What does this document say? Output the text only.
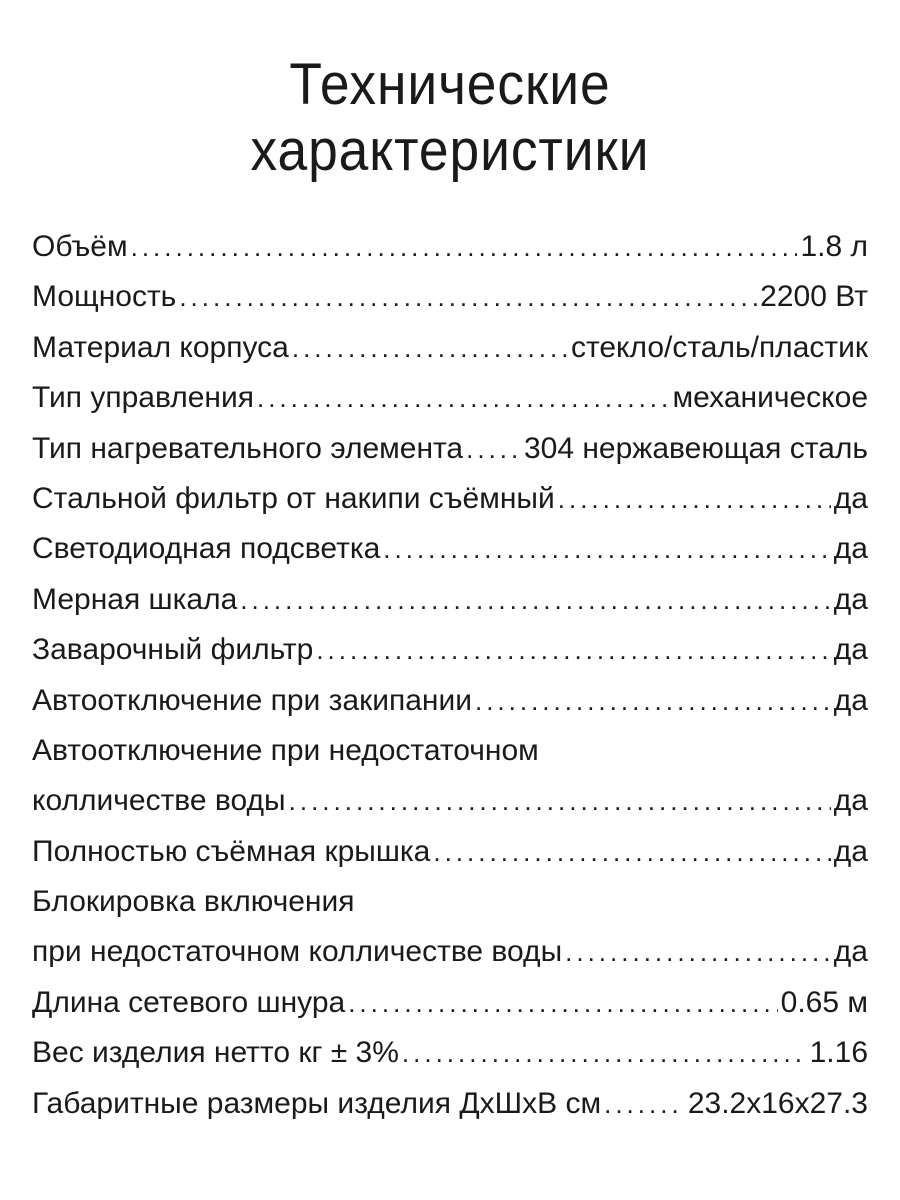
Технические
характеристики
Объём .....	1.8 л
Мощность .....	2200 Вт
Материал корпуса .....	стекло/сталь/пластик
Тип управления .....	механическое
Тип нагревательного элемента ..... 304 нержавеющая сталь
Стальной фильтр от накипи съёмный .....	да
Светодиодная подсветка .....	да
Мерная шкала .....	да
Заварочный фильтр .....	да
Автоотключение при закипании .....	да
Автоотключение при недостаточном
колличестве воды .....	да
Полностью съёмная крышка .....	да
Блокировка включения
при недостаточном колличестве воды .....	да
Длина сетевого шнура .....	0.65 м
Вес изделия нетто кг ± 3% .....	1.16
Габаритные размеры изделия ДхШхВ см .....	23.2х16х27.3
